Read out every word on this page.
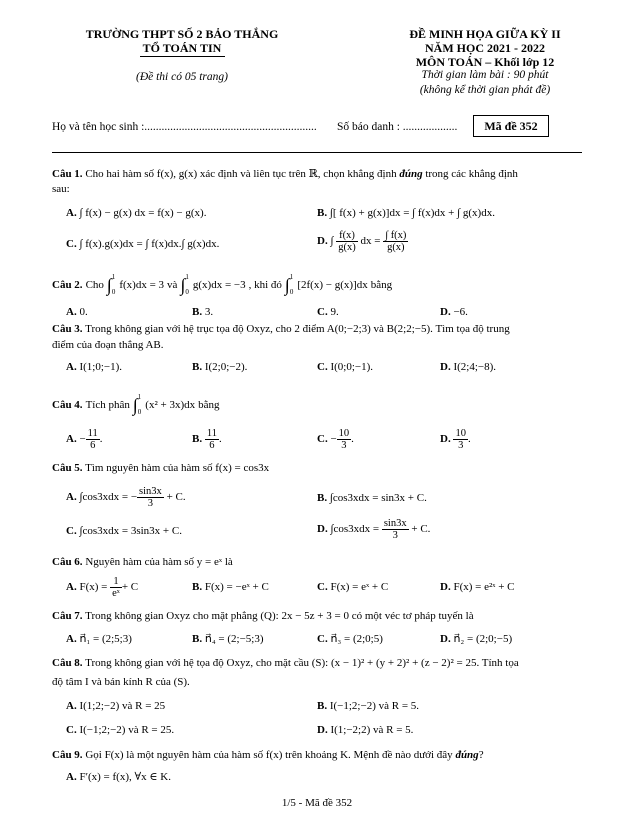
TRƯỜNG THPT SỐ 2 BẢO THẮNG
TỔ TOÁN TIN
(Đề thi có 05 trang)
ĐỀ MINH HỌA GIỮA KỲ II
NĂM HỌC 2021 - 2022
MÔN TOÁN – Khối lớp 12
Thời gian làm bài : 90 phút
(không kể thời gian phát đề)
Họ và tên học sinh :............................................................ Số báo danh : ...................	Mã đề 352
Câu 1. Cho hai hàm số f(x), g(x) xác định và liên tục trên ℝ, chọn khẳng định đúng trong các khẳng định
sau:
A. ∫ f(x) − g(x) dx = f(x) − g(x).	B. ∫[ f(x) + g(x)]dx = ∫ f(x)dx + ∫ g(x)dx.
C. ∫ f(x).g(x)dx = ∫ f(x)dx.∫ g(x)dx.	D. ∫ $\frac{f(x)}{g(x)}$ dx = $\frac{\int f(x)}{g(x)}$
Câu 2. Cho ∫ 1
0
f(x)dx = 3 và ∫ 1
0
g(x)dx = −3 , khi đó ∫ 1
0
[2f(x) − g(x)]dx bằng
A. 0.	B. 3.	C. 9.	D. −6.
Câu 3. Trong không gian với hệ trục tọa độ Oxyz, cho 2 điểm A(0;−2;3) và B(2;2;−5). Tìm tọa độ trung
điểm của đoạn thẳng AB.
A. I(1;0;−1).	B. I(2;0;−2).	C. I(0;0;−1).	D. I(2;4;−8).
Câu 4. Tích phân ∫ 1
0
(x² + 3x)dx bằng
A. − $\frac{11}{6}$ .	B. $\frac{11}{6}$ .	C. − $\frac{10}{3}$ .	D. $\frac{10}{3}$ .
Câu 5. Tìm nguyên hàm của hàm số f(x) = cos3x
A. ∫cos3xdx = − $\frac{\sin 3x}{3} + C$.	B. ∫cos3xdx = sin3x + C.
C. ∫cos3xdx = 3sin3x + C.	D. $\int\cos 3xdx = \frac{\sin 3x}{3} + C$.
Câu 6. Nguyên hàm của hàm số y = eˣ là
A. $F(x) = \frac{1}{\text{eˣ}} + C$	B. F(x) = −eˣ + C	C. F(x) = eˣ + C	D. F(x) = e²ˣ + C
Câu 7. Trong không gian Oxyz cho mặt phẳng (Q): 2x − 5z + 3 = 0 có một véc tơ pháp tuyến là
A. n⃗₁ = (2;5;3)	B. n⃗₄ = (2;−5;3)	C. n⃗₃ = (2;0;5)	D. n⃗₂ = (2;0;−5)
Câu 8. Trong không gian với hệ tọa độ Oxyz, cho mặt cầu (S): (x − 1)² + (y + 2)² + (z − 2)² = 25. Tính tọa
độ tâm I và bán kính R của (S).
A. I(1;2;−2) và R = 25	B. I(−1;2;−2) và R = 5.
C. I(−1;2;−2) và R = 25.	D. I(1;−2;2) và R = 5.
Câu 9. Gọi F(x) là một nguyên hàm của hàm số f(x) trên khoảng K. Mệnh đề nào dưới đây đúng?
A. F′(x) = f(x), ∀x ∈ K.
1/5 - Mã đề 352
